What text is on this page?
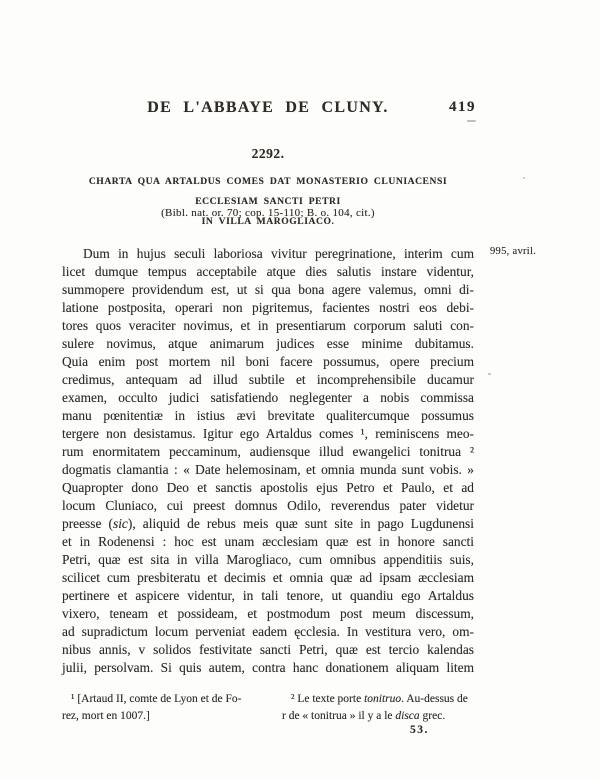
DE L'ABBAYE DE CLUNY.	419
2292.
CHARTA QUA ARTALDUS COMES DAT MONASTERIO CLUNIACENSI ECCLESIAM SANCTI PETRI
IN VILLA MAROGLIACO.
(Bibl. nat. or. 70; cop. 15-110; B. o. 104, cit.)
995, avril.
Dum in hujus seculi laboriosa vivitur peregrinatione, interim cum
licet dumque tempus acceptabile atque dies salutis instare videntur,
summopere providendum est, ut si qua bona agere valemus, omni di-
latione postposita, operari non pigritemus, facientes nostri eos debi-
tores quos veraciter novimus, et in presentiarum corporum saluti con-
sulere novimus, atque animarum judices esse minime dubitamus.
Quia enim post mortem nil boni facere possumus, opere precium
credimus, antequam ad illud subtile et incomprehensibile ducamur
examen, occulto judici satisfatiendo neglegenter a nobis commissa
manu pœnitentiæ in istius ævi brevitate qualitercumque possumus
tergere non desistamus. Igitur ego Artaldus comes ¹, reminiscens meo-
rum enormitatem peccaminum, audiensque illud ewangelici tonitrua ²
dogmatis clamantia : « Date helemosinam, et omnia munda sunt vobis. »
Quapropter dono Deo et sanctis apostolis ejus Petro et Paulo, et ad
locum Cluniaco, cui preest domnus Odilo, reverendus pater videtur
preesse (sic), aliquid de rebus meis quæ sunt site in pago Lugdunensi
et in Rodenensi : hoc est unam æcclesiam quæ est in honore sancti
Petri, quæ est sita in villa Marogliaco, cum omnibus appenditiis suis,
scilicet cum presbiteratu et decimis et omnia quæ ad ipsam æcclesiam
pertinere et aspicere videntur, in tali tenore, ut quandiu ego Artaldus
vixero, teneam et possideam, et postmodum post meum discessum,
ad supradictum locum perveniat eadem ęcclesia. In vestitura vero, om-
nibus annis, v solidos festivitate sancti Petri, quæ est tercio kalendas
julii, persolvam. Si quis autem, contra hanc donationem aliquam litem
¹ [Artaud II, comte de Lyon et de Fo-
rez, mort en 1007.]
² Le texte porte tonitruo. Au-dessus de
r de « tonitrua » il y a le disca grec.
53.
